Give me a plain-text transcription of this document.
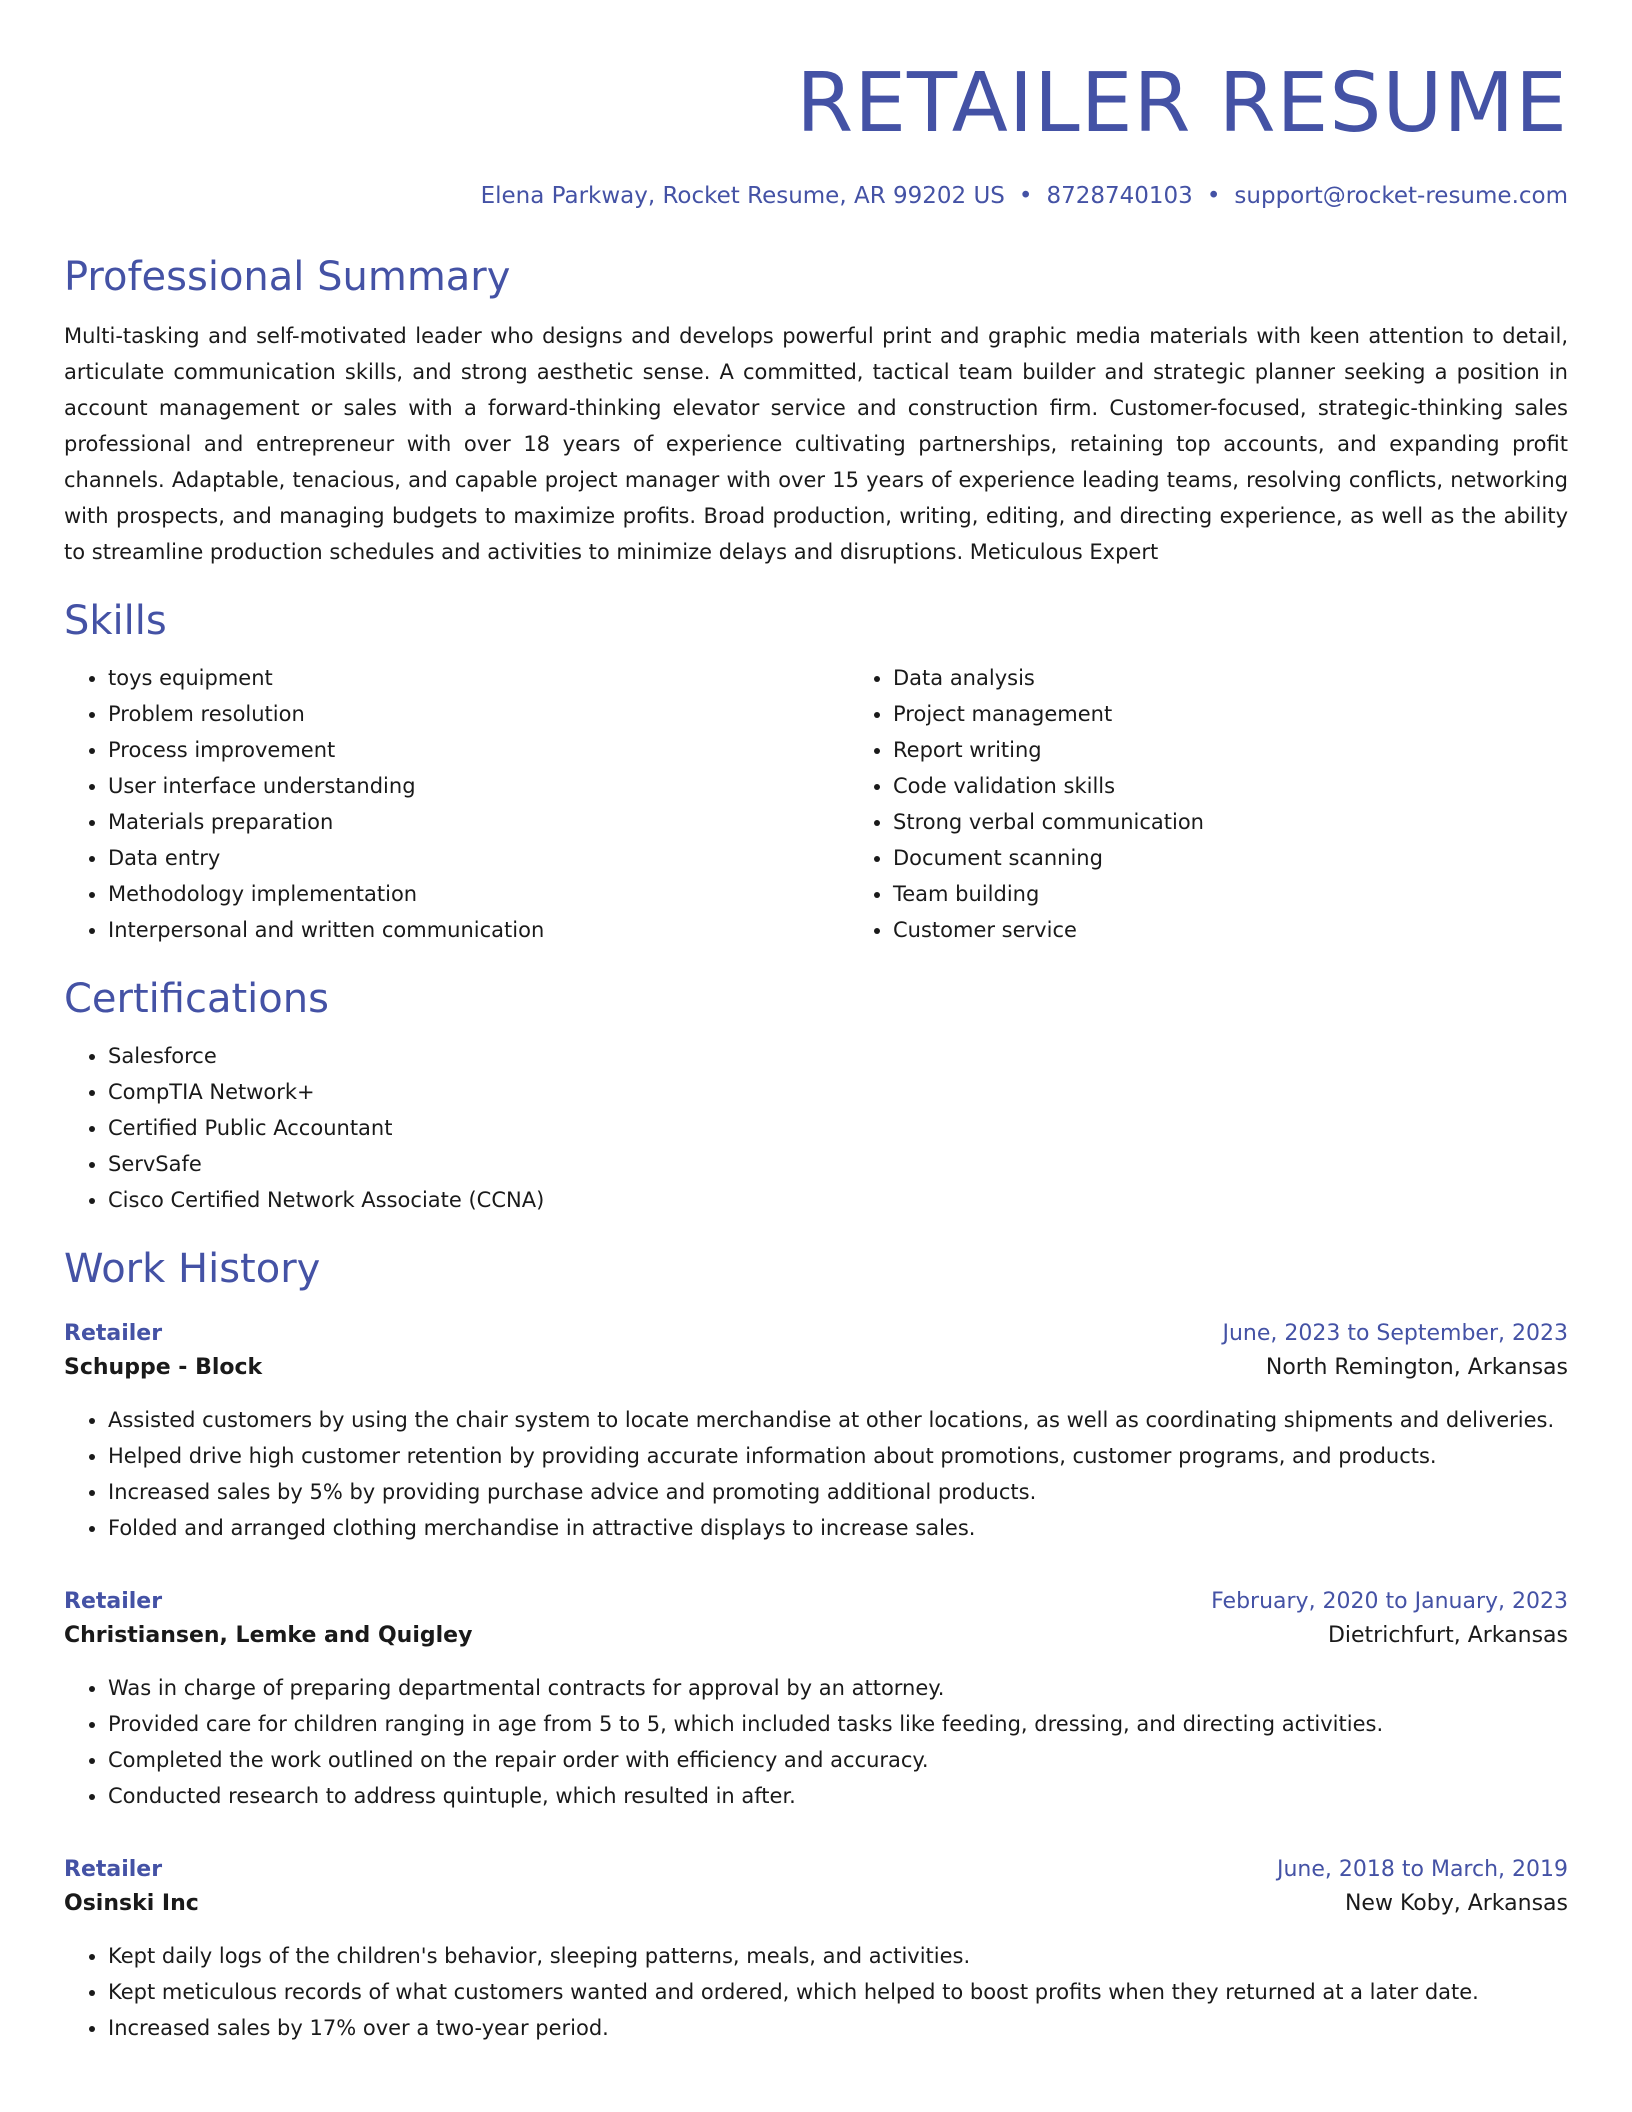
RETAILER RESUME
Elena Parkway, Rocket Resume, AR 99202 US • 8728740103 • support@rocket-resume.com
Professional Summary

Multi-tasking and self-motivated leader who designs and develops powerful print and graphic media materials with keen attention to detail, articulate communication skills, and strong aesthetic sense. A committed, tactical team builder and strategic planner seeking a position in account management or sales with a forward-thinking elevator service and construction firm. Customer-focused, strategic-thinking sales professional and entrepreneur with over 18 years of experience cultivating partnerships, retaining top accounts, and expanding profit channels. Adaptable, tenacious, and capable project manager with over 15 years of experience leading teams, resolving conflicts, networking with prospects, and managing budgets to maximize profits. Broad production, writing, editing, and directing experience, as well as the ability to streamline production schedules and activities to minimize delays and disruptions. Meticulous Expert

Skills
• toys equipment
• Problem resolution
• Process improvement
• User interface understanding
• Materials preparation
• Data entry
• Methodology implementation
• Interpersonal and written communication
• Data analysis
• Project management
• Report writing
• Code validation skills
• Strong verbal communication
• Document scanning
• Team building
• Customer service
Certifications
• Salesforce
• CompTIA Network+
• Certified Public Accountant
• ServSafe
• Cisco Certified Network Associate (CCNA)
Work History
Retailer	June, 2023 to September, 2023
Schuppe - Block	North Remington, Arkansas
• Assisted customers by using the chair system to locate merchandise at other locations, as well as coordinating shipments and deliveries.
• Helped drive high customer retention by providing accurate information about promotions, customer programs, and products.
• Increased sales by 5% by providing purchase advice and promoting additional products.
• Folded and arranged clothing merchandise in attractive displays to increase sales.
Retailer	February, 2020 to January, 2023
Christiansen, Lemke and Quigley	Dietrichfurt, Arkansas
• Was in charge of preparing departmental contracts for approval by an attorney.
• Provided care for children ranging in age from 5 to 5, which included tasks like feeding, dressing, and directing activities.
• Completed the work outlined on the repair order with efficiency and accuracy.
• Conducted research to address quintuple, which resulted in after.
Retailer	June, 2018 to March, 2019
Osinski Inc	New Koby, Arkansas
• Kept daily logs of the children's behavior, sleeping patterns, meals, and activities.
• Kept meticulous records of what customers wanted and ordered, which helped to boost profits when they returned at a later date.
• Increased sales by 17% over a two-year period.
